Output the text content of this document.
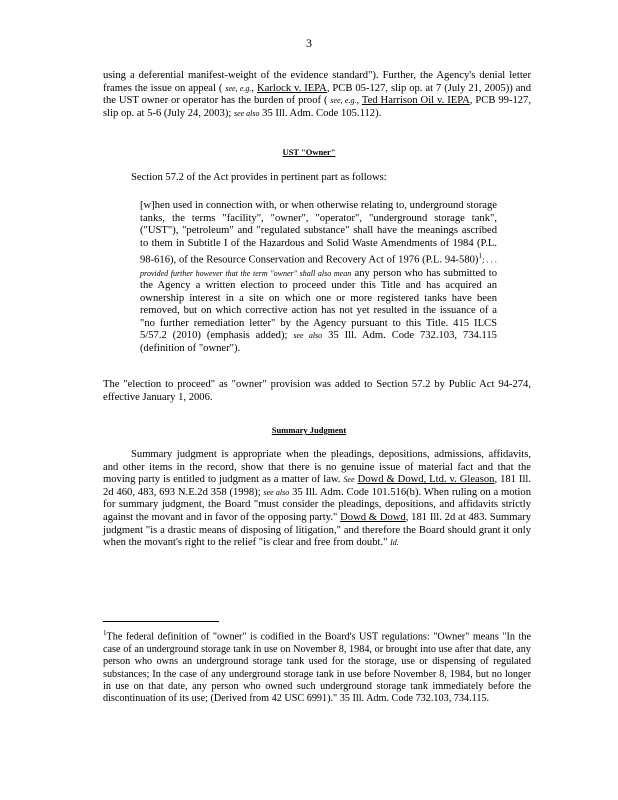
3

using a deferential manifest-weight of the evidence standard"). Further, the Agency's denial letter frames the issue on appeal ( see, e.g., Karlock v. IEPA, PCB 05-127, slip op. at 7 (July 21, 2005)) and the UST owner or operator has the burden of proof ( see, e.g., Ted Harrison Oil v. IEPA, PCB 99-127, slip op. at 5-6 (July 24, 2003); see also 35 Ill. Adm. Code 105.112).

UST "Owner"

Section 57.2 of the Act provides in pertinent part as follows:

[w]hen used in connection with, or when otherwise relating to, underground storage tanks, the terms "facility", "owner", "operator", "underground storage tank", ("UST"), "petroleum" and "regulated substance" shall have the meanings ascribed to them in Subtitle I of the Hazardous and Solid Waste Amendments of 1984 (P.L. 98-616), of the Resource Conservation and Recovery Act of 1976 (P.L. 94-580)$^1$; . . . provided further however that the term "owner" shall also mean any person who has submitted to the Agency a written election to proceed under this Title and has acquired an ownership interest in a site on which one or more registered tanks have been removed, but on which corrective action has not yet resulted in the issuance of a "no further remediation letter" by the Agency pursuant to this Title. 415 ILCS 5/57.2 (2010) (emphasis added); see also 35 Ill. Adm. Code 732.103, 734.115 (definition of "owner").

The "election to proceed" as "owner" provision was added to Section 57.2 by Public Act 94-274, effective January 1, 2006.

Summary Judgment

Summary judgment is appropriate when the pleadings, depositions, admissions, affidavits, and other items in the record, show that there is no genuine issue of material fact and that the moving party is entitled to judgment as a matter of law. See Dowd & Dowd, Ltd. v. Gleason, 181 Ill. 2d 460, 483, 693 N.E.2d 358 (1998); see also 35 Ill. Adm. Code 101.516(b). When ruling on a motion for summary judgment, the Board "must consider the pleadings, depositions, and affidavits strictly against the movant and in favor of the opposing party." Dowd & Dowd, 181 Ill. 2d at 483. Summary judgment "is a drastic means of disposing of litigation," and therefore the Board should grant it only when the movant's right to the relief "is clear and free from doubt." Id.

$^1$The federal definition of "owner" is codified in the Board's UST regulations: "Owner" means "In the case of an underground storage tank in use on November 8, 1984, or brought into use after that date, any person who owns an underground storage tank used for the storage, use or dispensing of regulated substances; In the case of any underground storage tank in use before November 8, 1984, but no longer in use on that date, any person who owned such underground storage tank immediately before the discontinuation of its use; (Derived from 42 USC 6991)." 35 Ill. Adm. Code 732.103, 734.115.
